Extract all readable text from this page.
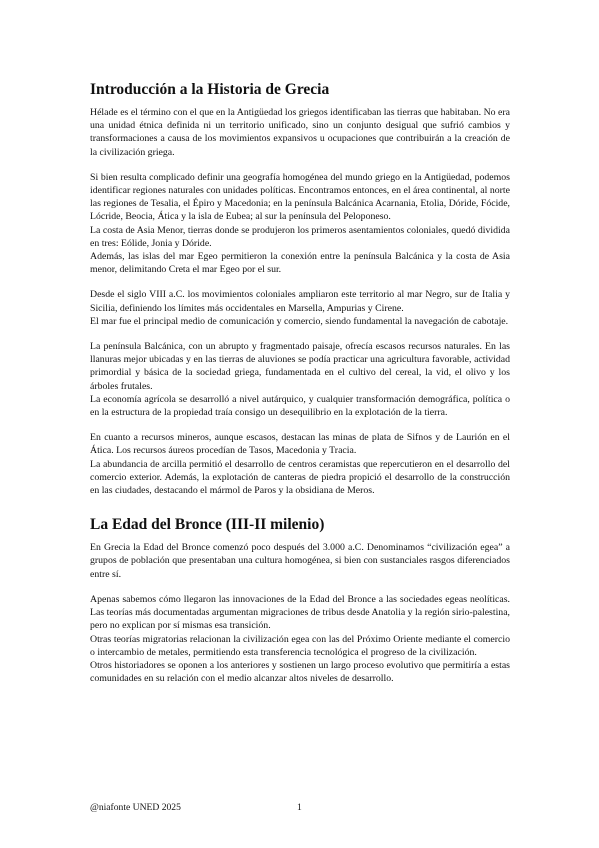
Introducción a la Historia de Grecia

Hélade es el término con el que en la Antigüedad los griegos identificaban las tierras que habitaban. No era una unidad étnica definida ni un territorio unificado, sino un conjunto desigual que sufrió cambios y transformaciones a causa de los movimientos expansivos u ocupaciones que contribuirán a la creación de la civilización griega.

Si bien resulta complicado definir una geografía homogénea del mundo griego en la Antigüedad, podemos identificar regiones naturales con unidades políticas. Encontramos entonces, en el área continental, al norte las regiones de Tesalia, el Épiro y Macedonia; en la península Balcánica Acarnania, Etolia, Dóride, Fócide, Lócride, Beocia, Ática y la isla de Eubea; al sur la península del Peloponeso.

La costa de Asia Menor, tierras donde se produjeron los primeros asentamientos coloniales, quedó dividida en tres: Eólide, Jonia y Dóride.

Además, las islas del mar Egeo permitieron la conexión entre la península Balcánica y la costa de Asia menor, delimitando Creta el mar Egeo por el sur.

Desde el siglo VIII a.C. los movimientos coloniales ampliaron este territorio al mar Negro, sur de Italia y Sicilia, definiendo los límites más occidentales en Marsella, Ampurias y Cirene.

El mar fue el principal medio de comunicación y comercio, siendo fundamental la navegación de cabotaje.

La península Balcánica, con un abrupto y fragmentado paisaje, ofrecía escasos recursos naturales. En las llanuras mejor ubicadas y en las tierras de aluviones se podía practicar una agricultura favorable, actividad primordial y básica de la sociedad griega, fundamentada en el cultivo del cereal, la vid, el olivo y los árboles frutales.

La economía agrícola se desarrolló a nivel autárquico, y cualquier transformación demográfica, política o en la estructura de la propiedad traía consigo un desequilibrio en la explotación de la tierra.

En cuanto a recursos mineros, aunque escasos, destacan las minas de plata de Sifnos y de Laurión en el Ática. Los recursos áureos procedían de Tasos, Macedonia y Tracia.

La abundancia de arcilla permitió el desarrollo de centros ceramistas que repercutieron en el desarrollo del comercio exterior. Además, la explotación de canteras de piedra propició el desarrollo de la construcción en las ciudades, destacando el mármol de Paros y la obsidiana de Meros.

La Edad del Bronce (III-II milenio)

En Grecia la Edad del Bronce comenzó poco después del 3.000 a.C. Denominamos “civilización egea” a grupos de población que presentaban una cultura homogénea, si bien con sustanciales rasgos diferenciados entre sí.

Apenas sabemos cómo llegaron las innovaciones de la Edad del Bronce a las sociedades egeas neolíticas. Las teorías más documentadas argumentan migraciones de tribus desde Anatolia y la región sirio-palestina, pero no explican por sí mismas esa transición.

Otras teorías migratorias relacionan la civilización egea con las del Próximo Oriente mediante el comercio o intercambio de metales, permitiendo esta transferencia tecnológica el progreso de la civilización.

Otros historiadores se oponen a los anteriores y sostienen un largo proceso evolutivo que permitiría a estas comunidades en su relación con el medio alcanzar altos niveles de desarrollo.

@niafonte UNED 2025	1
